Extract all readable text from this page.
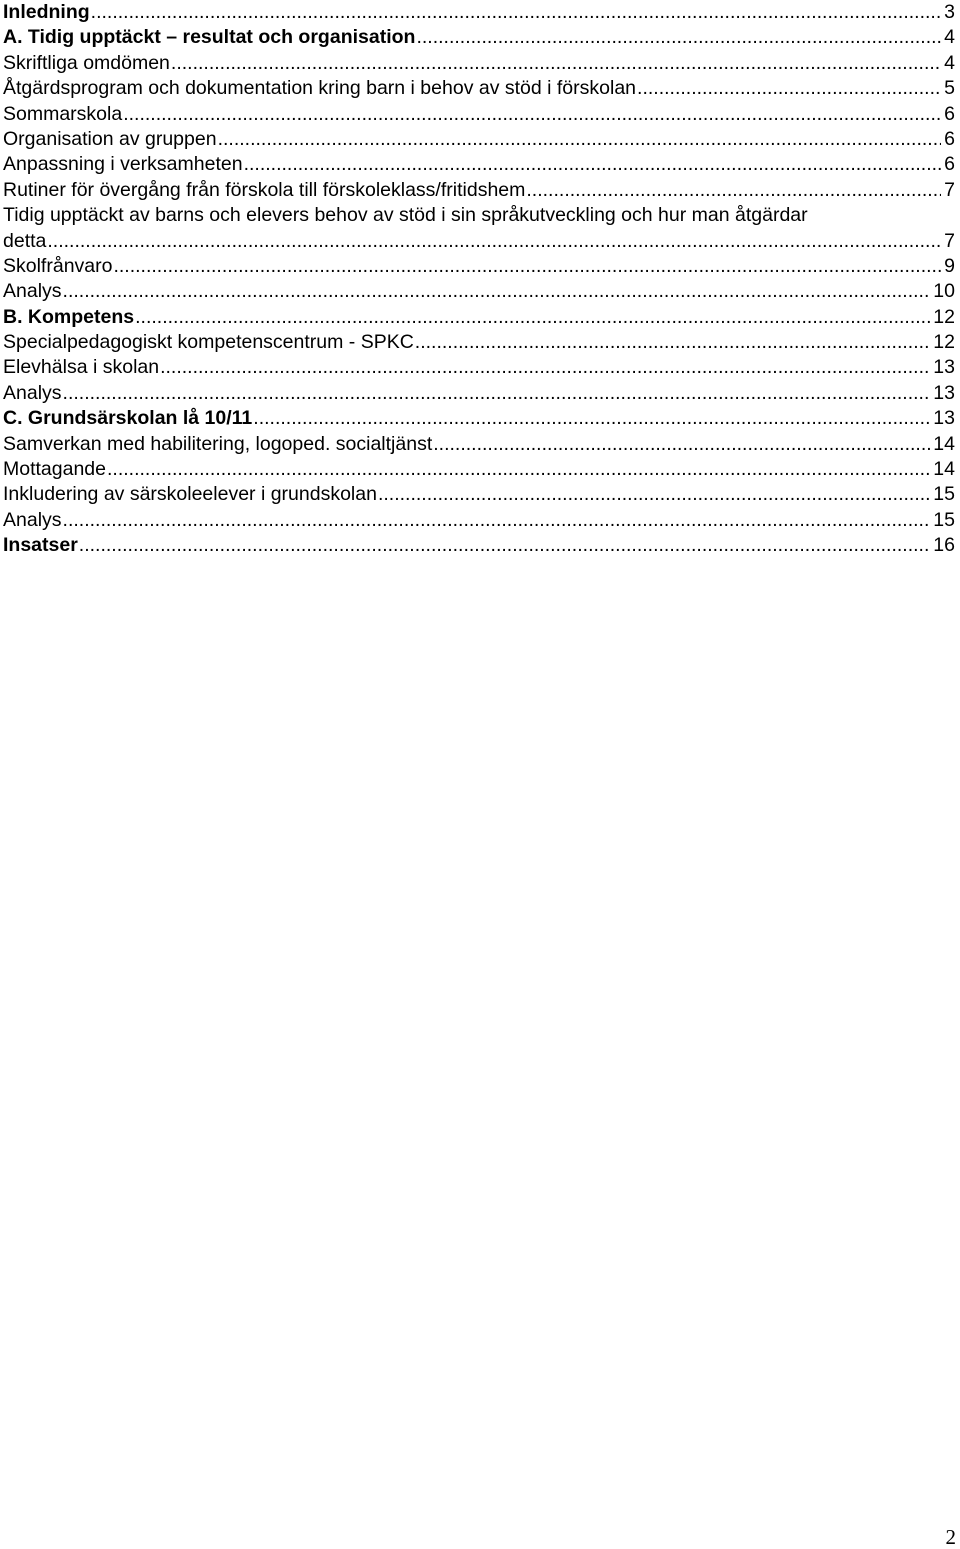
Inledning .....	3
A. Tidig upptäckt – resultat och organisation .....	4
Skriftliga omdömen .....	4
Åtgärdsprogram och dokumentation kring barn i behov av stöd i förskolan .....	5
Sommarskola .....	6
Organisation av gruppen .....	6
Anpassning i verksamheten .....	6
Rutiner för övergång från förskola till förskoleklass/fritidshem .....	7
Tidig upptäckt av barns och elevers behov av stöd i sin språkutveckling och hur man åtgärdar
detta .....	7
Skolfrånvaro .....	9
Analys .....	10
B. Kompetens .....	12
Specialpedagogiskt kompetenscentrum - SPKC .....	12
Elevhälsa i skolan .....	13
Analys .....	13
C. Grundsärskolan lå 10/11 .....	13
Samverkan med habilitering, logoped. socialtjänst .....	14
Mottagande .....	14
Inkludering av särskoleelever i grundskolan .....	15
Analys .....	15
Insatser .....	16
2
